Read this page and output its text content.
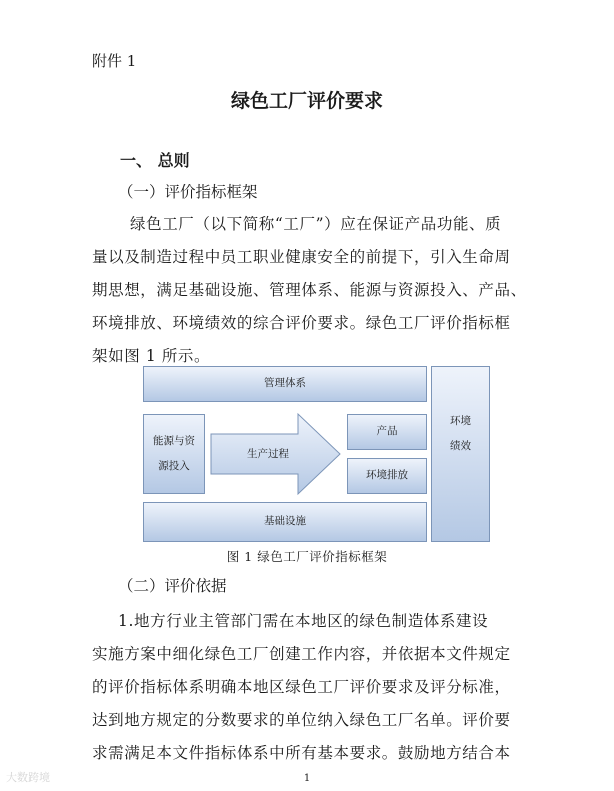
附件 1
绿色工厂评价要求
一、 总则
（一）评价指标框架
绿色工厂（以下简称“工厂”）应在保证产品功能、质
量以及制造过程中员工职业健康安全的前提下，引入生命周
期思想，满足基础设施、管理体系、能源与资源投入、产品、
环境排放、环境绩效的综合评价要求。绿色工厂评价指标框
架如图 1 所示。
管理体系
能源与资
源投入
生产过程
产品
环境排放
环境
绩效
基础设施
图 1 绿色工厂评价指标框架
（二）评价依据
1.地方行业主管部门需在本地区的绿色制造体系建设
实施方案中细化绿色工厂创建工作内容，并依据本文件规定
的评价指标体系明确本地区绿色工厂评价要求及评分标准，
达到地方规定的分数要求的单位纳入绿色工厂名单。评价要
求需满足本文件指标体系中所有基本要求。鼓励地方结合本
1
大数跨境
